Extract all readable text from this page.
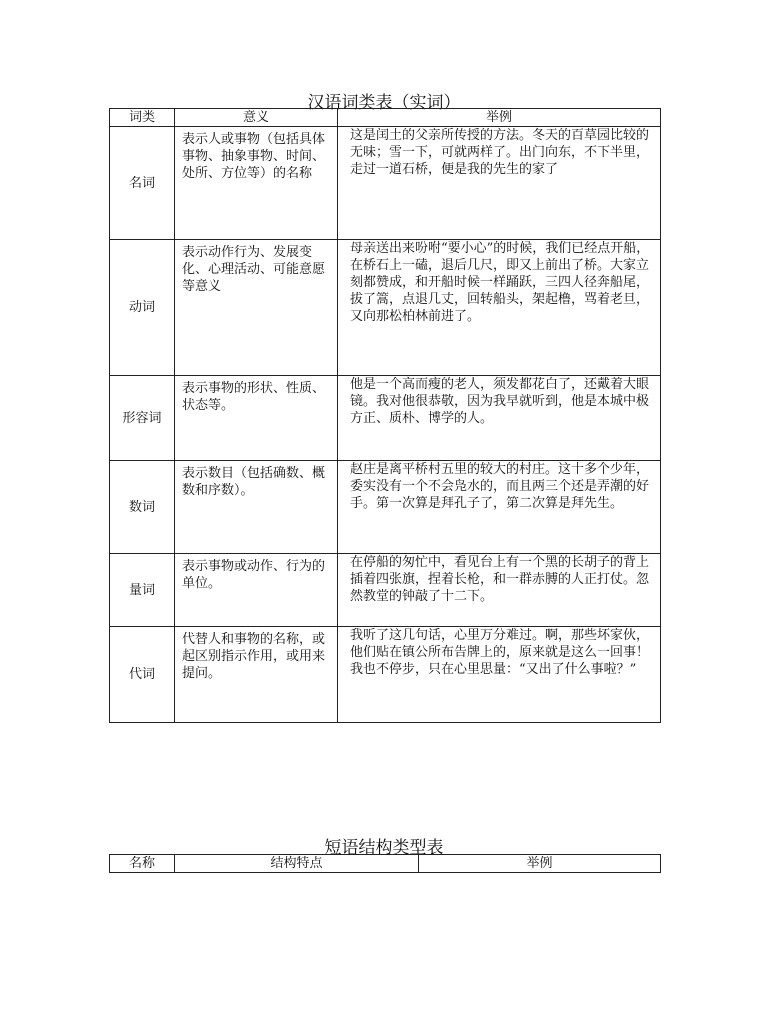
汉语词类表（实词）
词类	意义	举例
名词	表示人或事物（包括具体事物、抽象事物、时间、处所、方位等）的名称	这是闰土的父亲所传授的方法。冬天的百草园比较的无味；雪一下，可就两样了。出门向东，不下半里，走过一道石桥，便是我的先生的家了
动词	表示动作行为、发展变化、心理活动、可能意愿等意义	母亲送出来吩咐“要小心”的时候，我们已经点开船，在桥石上一磕，退后几尺，即又上前出了桥。大家立刻都赞成，和开船时候一样踊跃，三四人径奔船尾，拔了篙，点退几丈，回转船头，架起橹，骂着老旦，又向那松柏林前进了。
形容词	表示事物的形状、性质、状态等。	他是一个高而瘦的老人，须发都花白了，还戴着大眼镜。我对他很恭敬，因为我早就听到，他是本城中极方正、质朴、博学的人。
数词	表示数目（包括确数、概数和序数）。	赵庄是离平桥村五里的较大的村庄。这十多个少年，委实没有一个不会凫水的，而且两三个还是弄潮的好手。第一次算是拜孔子了，第二次算是拜先生。
量词	表示事物或动作、行为的单位。	在停船的匆忙中，看见台上有一个黑的长胡子的背上插着四张旗，捏着长枪，和一群赤膊的人正打仗。忽然教堂的钟敲了十二下。
代词	代替人和事物的名称，或起区别指示作用，或用来提问。	我听了这几句话，心里万分难过。啊，那些坏家伙，他们贴在镇公所布告牌上的，原来就是这么一回事！我也不停步，只在心里思量：“又出了什么事啦？”
短语结构类型表
名称	结构特点	举例
